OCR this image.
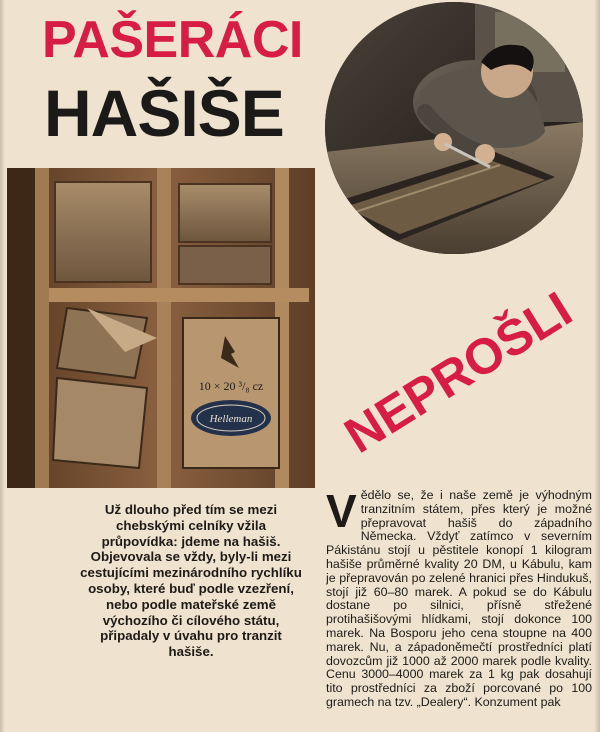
PAŠERÁCI
HAŠIŠE
10 × 20 ³/₈ cz
Helleman NEPROŠLI

Už dlouho před tím se mezi chebskými celníky vžila průpovídka: jdeme na hašiš. Objevovala se vždy, byly-li mezi cestujícími mezinárodního rychlíku osoby, které buď podle vzezření, nebo podle mateřské země výchozího či cílového státu, připadaly v úvahu pro tranzit hašiše.

V ědělo se, že i naše země je výhodným tranzitním státem, přes který je možné přepravovat hašiš do západního Německa. Vždyť zatímco v severním Pákistánu stojí u pěstitele konopí 1 kilogram hašiše průměrné kvality 20 DM, u Kábulu, kam je přepravován po zelené hranici přes Hindukuš, stojí již 60–80 marek. A pokud se do Kábulu dostane po silnici, přísně střežené protihašišovými hlídkami, stojí dokonce 100 marek. Na Bosporu jeho cena stoupne na 400 marek. Nu, a západoněmečtí prostředníci platí dovozcům již 1000 až 2000 marek podle kvality. Cenu 3000–4000 marek za 1 kg pak dosahují tito prostředníci za zboží porcované po 100 gramech na tzv. „Dealery“. Konzument pak
